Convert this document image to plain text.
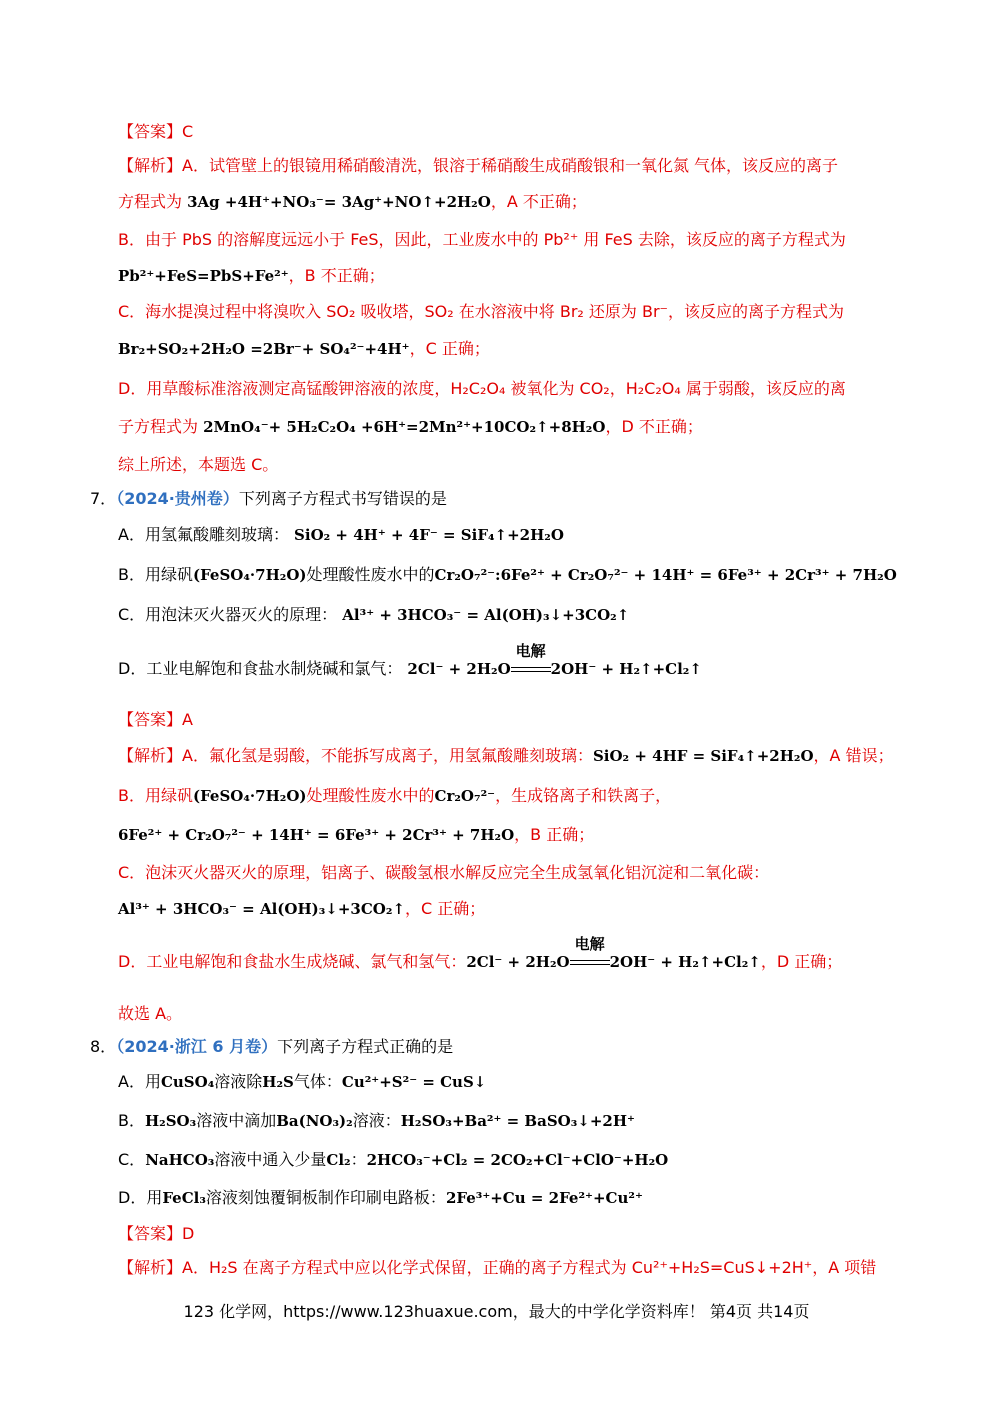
【答案】C
【解析】A．试管壁上的银镜用稀硝酸清洗，银溶于稀硝酸生成硝酸银和一氧化氮 气体，该反应的离子
方程式为 3Ag +4H⁺+NO₃⁻= 3Ag⁺+NO↑+2H₂O，A 不正确；
B．由于 PbS 的溶解度远远小于 FeS，因此，工业废水中的 Pb²⁺ 用 FeS 去除，该反应的离子方程式为
Pb²⁺+FeS=PbS+Fe²⁺，B 不正确；
C．海水提溴过程中将溴吹入 SO₂ 吸收塔，SO₂ 在水溶液中将 Br₂ 还原为 Br⁻，该反应的离子方程式为
Br₂+SO₂+2H₂O =2Br⁻+ SO₄²⁻+4H⁺，C 正确；
D．用草酸标准溶液测定高锰酸钾溶液的浓度，H₂C₂O₄ 被氧化为 CO₂，H₂C₂O₄ 属于弱酸，该反应的离
子方程式为 2MnO₄⁻+ 5H₂C₂O₄ +6H⁺=2Mn²⁺+10CO₂↑+8H₂O，D 不正确；
综上所述，本题选 C。
7．（2024·贵州卷）下列离子方程式书写错误的是
A．用氢氟酸雕刻玻璃： SiO₂ + 4H⁺ + 4F⁻ = SiF₄↑+2H₂O
B．用绿矾(FeSO₄·7H₂O)处理酸性废水中的Cr₂O₇²⁻:6Fe²⁺ + Cr₂O₇²⁻ + 14H⁺ = 6Fe³⁺ + 2Cr³⁺ + 7H₂O
C．用泡沫灭火器灭火的原理： Al³⁺ + 3HCO₃⁻ = Al(OH)₃↓+3CO₂↑
D．工业电解饱和食盐水制烧碱和氯气： 2Cl⁻ + 2H₂O
电解
2OH⁻ + H₂↑+Cl₂↑
【答案】A
【解析】A．氟化氢是弱酸，不能拆写成离子，用氢氟酸雕刻玻璃：SiO₂ + 4HF = SiF₄↑+2H₂O，A 错误；
B．用绿矾(FeSO₄·7H₂O)处理酸性废水中的Cr₂O₇²⁻，生成铬离子和铁离子，
6Fe²⁺ + Cr₂O₇²⁻ + 14H⁺ = 6Fe³⁺ + 2Cr³⁺ + 7H₂O，B 正确；
C．泡沫灭火器灭火的原理，铝离子、碳酸氢根水解反应完全生成氢氧化铝沉淀和二氧化碳：
Al³⁺ + 3HCO₃⁻ = Al(OH)₃↓+3CO₂↑，C 正确；
D．工业电解饱和食盐水生成烧碱、氯气和氢气：2Cl⁻ + 2H₂O
电解
2OH⁻ + H₂↑+Cl₂↑，D 正确；
故选 A。
8．（2024·浙江 6 月卷）下列离子方程式正确的是
A．用CuSO₄溶液除H₂S气体：Cu²⁺+S²⁻ = CuS↓
B．H₂SO₃溶液中滴加Ba(NO₃)₂溶液：H₂SO₃+Ba²⁺ = BaSO₃↓+2H⁺
C．NaHCO₃溶液中通入少量Cl₂：2HCO₃⁻+Cl₂ = 2CO₂+Cl⁻+ClO⁻+H₂O
D．用FeCl₃溶液刻蚀覆铜板制作印刷电路板：2Fe³⁺+Cu = 2Fe²⁺+Cu²⁺
【答案】D
【解析】A．H₂S 在离子方程式中应以化学式保留，正确的离子方程式为 Cu²⁺+H₂S=CuS↓+2H⁺，A 项错
123 化学网，https://www.123huaxue.com，最大的中学化学资料库！ 第4页 共14页
